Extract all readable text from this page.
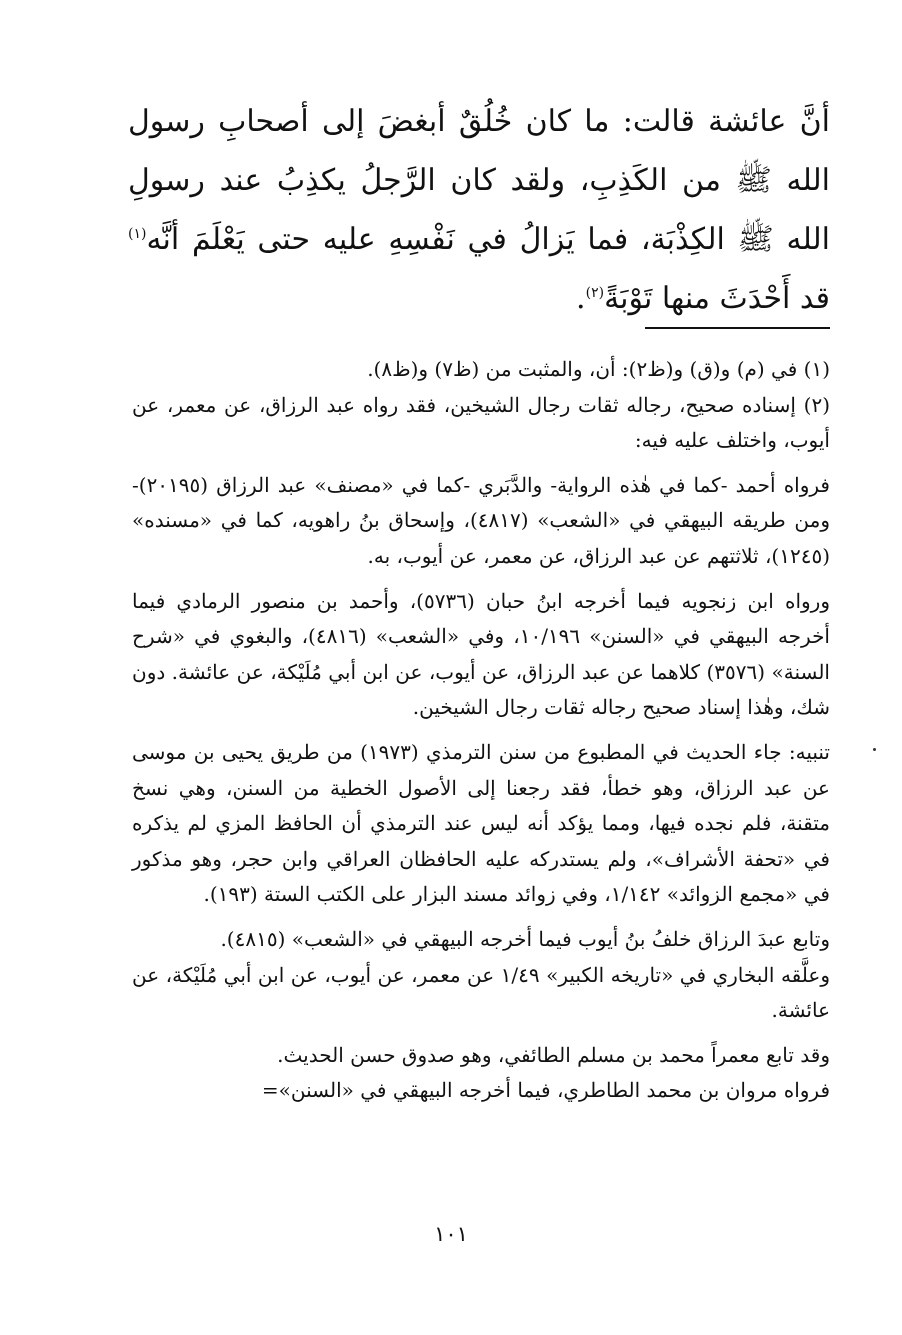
أنَّ عائشة قالت: ما كان خُلُقٌ أبغضَ إلى أصحابِ رسول الله ﷺ من الكَذِبِ، ولقد كان الرَّجلُ يكذِبُ عند رسولِ الله ﷺ الكِذْبَة، فما يَزالُ في نَفْسِهِ عليه حتى يَعْلَمَ أنَّه$^{(١)}$ قد أَحْدَثَ منها تَوْبَةً$^{(٢)}$.

(١) في (م) و(ق) و(ظ٢): أن، والمثبت من (ظ٧) و(ظ٨).

(٢) إسناده صحيح، رجاله ثقات رجال الشيخين، فقد رواه عبد الرزاق، عن معمر، عن أيوب، واختلف عليه فيه:

فرواه أحمد -كما في هٰذه الرواية- والدَّبَري -كما في «مصنف» عبد الرزاق (٢٠١٩٥)- ومن طريقه البيهقي في «الشعب» (٤٨١٧)، وإسحاق بنُ راهويه، كما في «مسنده» (١٢٤٥)، ثلاثتهم عن عبد الرزاق، عن معمر، عن أيوب، به.

ورواه ابن زنجويه فيما أخرجه ابنُ حبان (٥٧٣٦)، وأحمد بن منصور الرمادي فيما أخرجه البيهقي في «السنن» ١٠/١٩٦، وفي «الشعب» (٤٨١٦)، والبغوي في «شرح السنة» (٣٥٧٦) كلاهما عن عبد الرزاق، عن أيوب، عن ابن أبي مُلَيْكة، عن عائشة. دون شك، وهٰذا إسناد صحيح رجاله ثقات رجال الشيخين.

تنبيه: جاء الحديث في المطبوع من سنن الترمذي (١٩٧٣) من طريق يحيى بن موسى عن عبد الرزاق، وهو خطأ، فقد رجعنا إلى الأصول الخطية من السنن، وهي نسخ متقنة، فلم نجده فيها، ومما يؤكد أنه ليس عند الترمذي أن الحافظ المزي لم يذكره في «تحفة الأشراف»، ولم يستدركه عليه الحافظان العراقي وابن حجر، وهو مذكور في «مجمع الزوائد» ١/١٤٢، وفي زوائد مسند البزار على الكتب الستة (١٩٣).

وتابع عبدَ الرزاق خلفُ بنُ أيوب فيما أخرجه البيهقي في «الشعب» (٤٨١٥).

وعلَّقه البخاري في «تاريخه الكبير» ١/٤٩ عن معمر، عن أيوب، عن ابن أبي مُلَيْكة، عن عائشة.

وقد تابع معمراً محمد بن مسلم الطائفي، وهو صدوق حسن الحديث.

فرواه مروان بن محمد الطاطري، فيما أخرجه البيهقي في «السنن»=

١٠١
